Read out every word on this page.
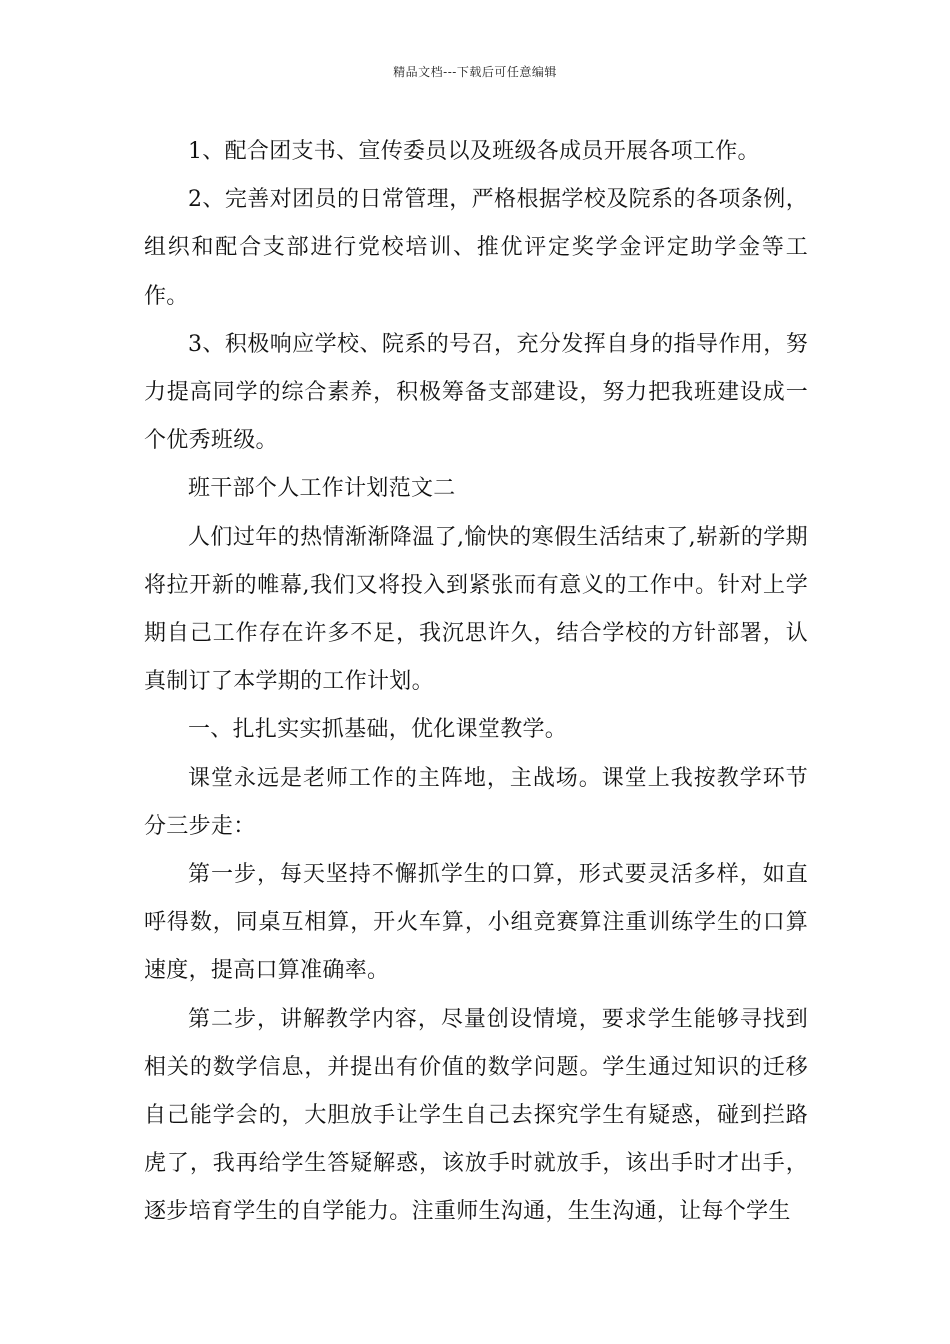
精品文档---下载后可任意编辑

1、配合团支书、宣传委员以及班级各成员开展各项工作。

2、完善对团员的日常管理，严格根据学校及院系的各项条例，组织和配合支部进行党校培训、推优评定奖学金评定助学金等工作。

3、积极响应学校、院系的号召，充分发挥自身的指导作用，努力提高同学的综合素养，积极筹备支部建设，努力把我班建设成一个优秀班级。

班干部个人工作计划范文二

人们过年的热情渐渐降温了,愉快的寒假生活结束了,崭新的学期将拉开新的帷幕,我们又将投入到紧张而有意义的工作中。针对上学期自己工作存在许多不足，我沉思许久，结合学校的方针部署，认真制订了本学期的工作计划。

一、扎扎实实抓基础，优化课堂教学。

课堂永远是老师工作的主阵地，主战场。课堂上我按教学环节分三步走：

第一步，每天坚持不懈抓学生的口算，形式要灵活多样，如直呼得数，同桌互相算，开火车算，小组竞赛算注重训练学生的口算速度，提高口算准确率。

第二步，讲解教学内容，尽量创设情境，要求学生能够寻找到相关的数学信息，并提出有价值的数学问题。学生通过知识的迁移自己能学会的，大胆放手让学生自己去探究学生有疑惑，碰到拦路虎了，我再给学生答疑解惑，该放手时就放手，该出手时才出手，逐步培育学生的自学能力。注重师生沟通，生生沟通，让每个学生
